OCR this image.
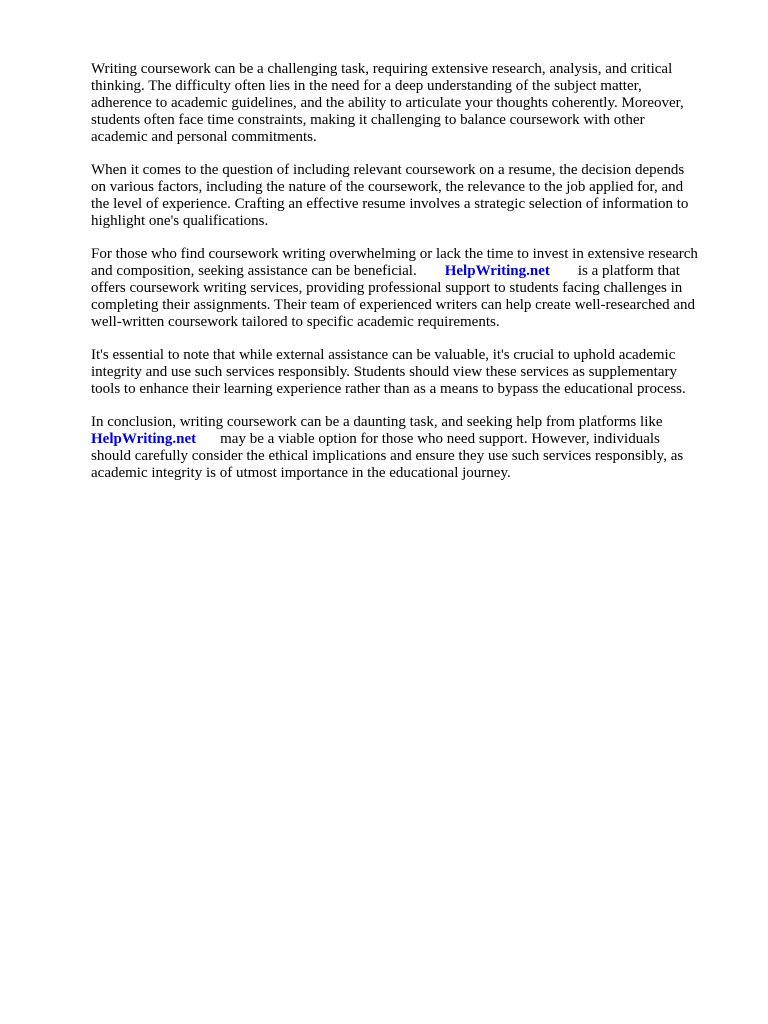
Writing coursework can be a challenging task, requiring extensive research, analysis, and critical
thinking. The difficulty often lies in the need for a deep understanding of the subject matter,
adherence to academic guidelines, and the ability to articulate your thoughts coherently. Moreover,
students often face time constraints, making it challenging to balance coursework with other
academic and personal commitments.
When it comes to the question of including relevant coursework on a resume, the decision depends
on various factors, including the nature of the coursework, the relevance to the job applied for, and
the level of experience. Crafting an effective resume involves a strategic selection of information to
highlight one's qualifications.
For those who find coursework writing overwhelming or lack the time to invest in extensive research
and composition, seeking assistance can be beneficial. HelpWriting.net is a platform that
offers coursework writing services, providing professional support to students facing challenges in
completing their assignments. Their team of experienced writers can help create well-researched and
well-written coursework tailored to specific academic requirements.
It's essential to note that while external assistance can be valuable, it's crucial to uphold academic
integrity and use such services responsibly. Students should view these services as supplementary
tools to enhance their learning experience rather than as a means to bypass the educational process.
In conclusion, writing coursework can be a daunting task, and seeking help from platforms like
HelpWriting.net may be a viable option for those who need support. However, individuals
should carefully consider the ethical implications and ensure they use such services responsibly, as
academic integrity is of utmost importance in the educational journey.
